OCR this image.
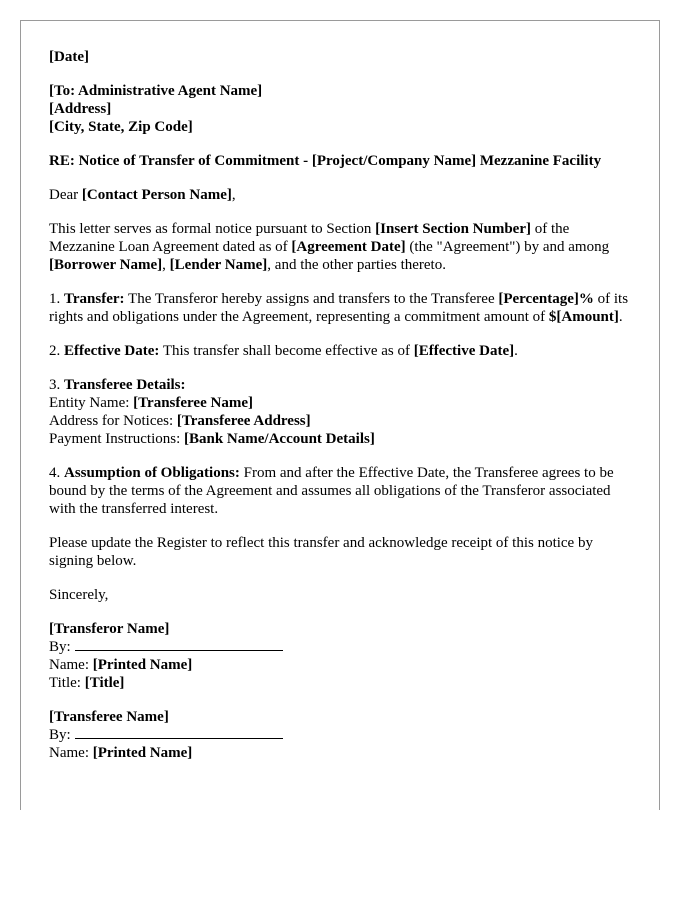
[Date]

[To: Administrative Agent Name]
[Address]
[City, State, Zip Code]

RE: Notice of Transfer of Commitment - [Project/Company Name] Mezzanine Facility

Dear [Contact Person Name],

This letter serves as formal notice pursuant to Section [Insert Section Number] of the Mezzanine Loan Agreement dated as of [Agreement Date] (the "Agreement") by and among [Borrower Name], [Lender Name], and the other parties thereto.

1. Transfer: The Transferor hereby assigns and transfers to the Transferee [Percentage]% of its rights and obligations under the Agreement, representing a commitment amount of $[Amount].

2. Effective Date: This transfer shall become effective as of [Effective Date].

3. Transferee Details:
Entity Name: [Transferee Name]
Address for Notices: [Transferee Address]
Payment Instructions: [Bank Name/Account Details]

4. Assumption of Obligations: From and after the Effective Date, the Transferee agrees to be bound by the terms of the Agreement and assumes all obligations of the Transferor associated with the transferred interest.

Please update the Register to reflect this transfer and acknowledge receipt of this notice by signing below.

Sincerely,

[Transferor Name]
By:
Name: [Printed Name]
Title: [Title]

[Transferee Name]
By:
Name: [Printed Name]
